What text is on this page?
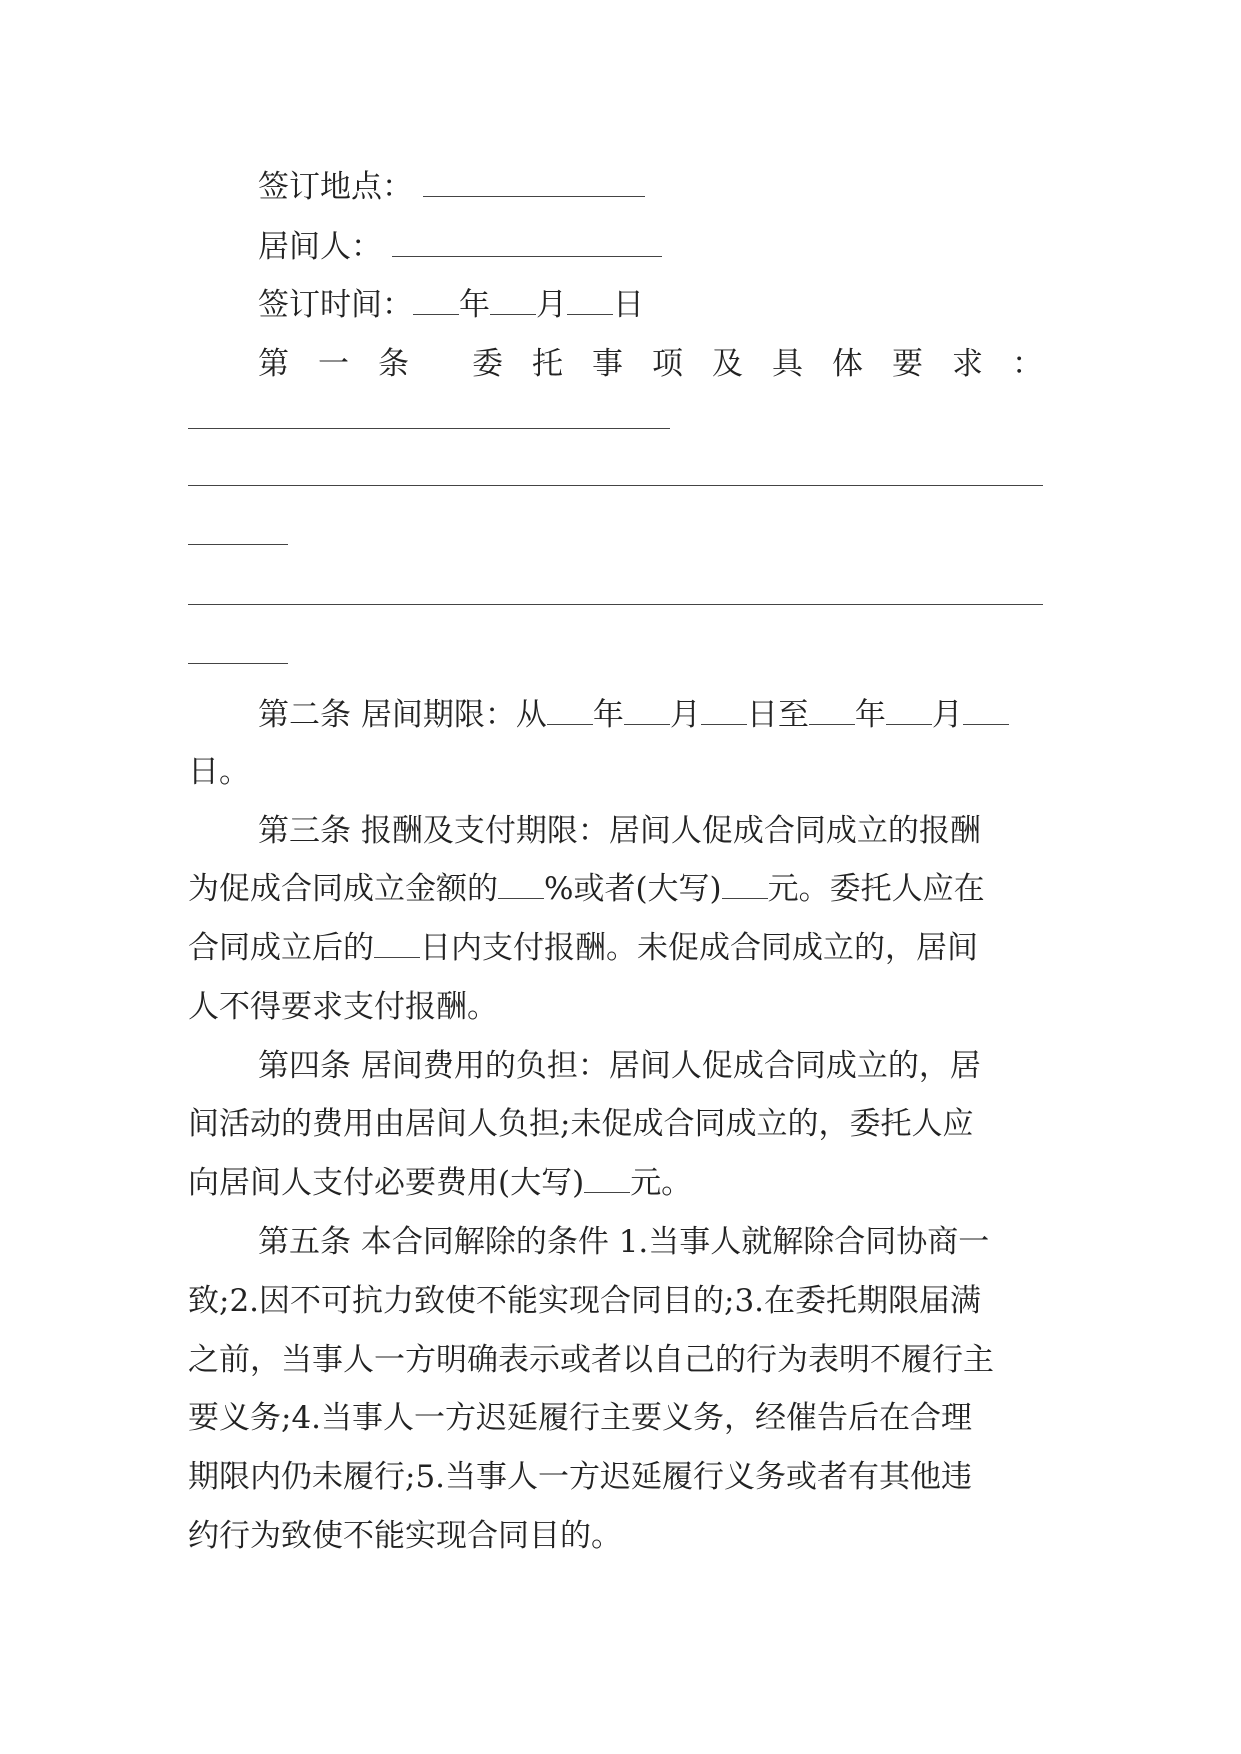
签订地点：
居间人：
签订时间： 年 月 日
第一条 委托事项及具体要求：
第二条 居间期限：从 年 月 日至 年 月
日。
第三条 报酬及支付期限：居间人促成合同成立的报酬
为促成合同成立金额的 %或者(大写) 元。委托人应在
合同成立后的 日内支付报酬。未促成合同成立的，居间
人不得要求支付报酬。
第四条 居间费用的负担：居间人促成合同成立的，居
间活动的费用由居间人负担;未促成合同成立的，委托人应
向居间人支付必要费用(大写) 元。
第五条 本合同解除的条件 1.当事人就解除合同协商一
致;2.因不可抗力致使不能实现合同目的;3.在委托期限届满
之前，当事人一方明确表示或者以自己的行为表明不履行主
要义务;4.当事人一方迟延履行主要义务，经催告后在合理
期限内仍未履行;5.当事人一方迟延履行义务或者有其他违
约行为致使不能实现合同目的。
